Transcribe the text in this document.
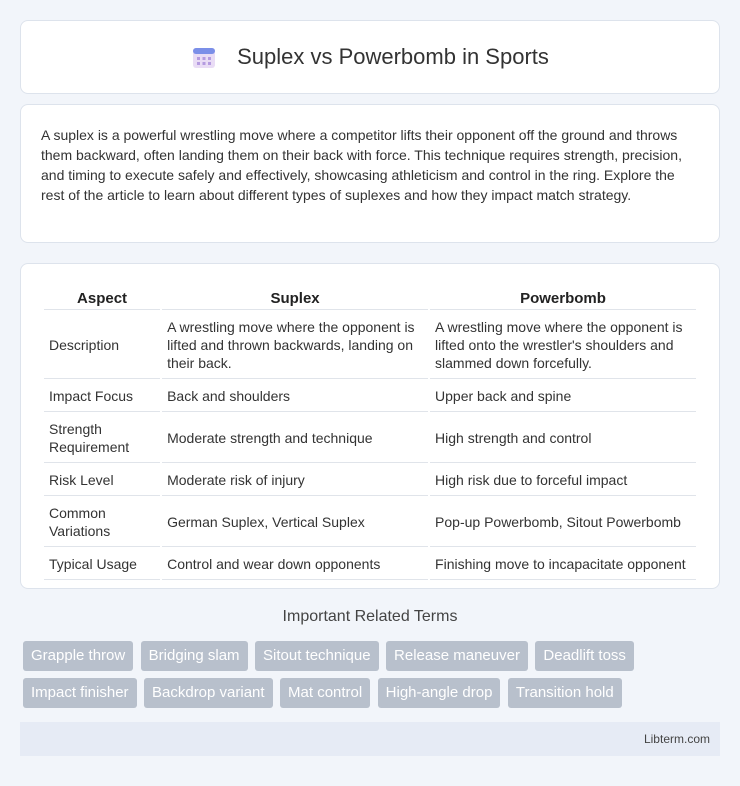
Suplex vs Powerbomb in Sports

A suplex is a powerful wrestling move where a competitor lifts their opponent off the ground and throws them backward, often landing them on their back with force. This technique requires strength, precision, and timing to execute safely and effectively, showcasing athleticism and control in the ring. Explore the rest of the article to learn about different types of suplexes and how they impact match strategy.

Aspect	Suplex	Powerbomb
Description	A wrestling move where the opponent is lifted and thrown backwards, landing on their back.	A wrestling move where the opponent is lifted onto the wrestler's shoulders and slammed down forcefully.
Impact Focus	Back and shoulders	Upper back and spine
Strength Requirement	Moderate strength and technique	High strength and control
Risk Level	Moderate risk of injury	High risk due to forceful impact
Common Variations	German Suplex, Vertical Suplex	Pop-up Powerbomb, Sitout Powerbomb
Typical Usage	Control and wear down opponents	Finishing move to incapacitate opponent
Important Related Terms
Grapple throw Bridging slam Sitout technique Release maneuver Deadlift toss Impact finisher Backdrop variant Mat control High-angle drop Transition hold
Libterm.com
